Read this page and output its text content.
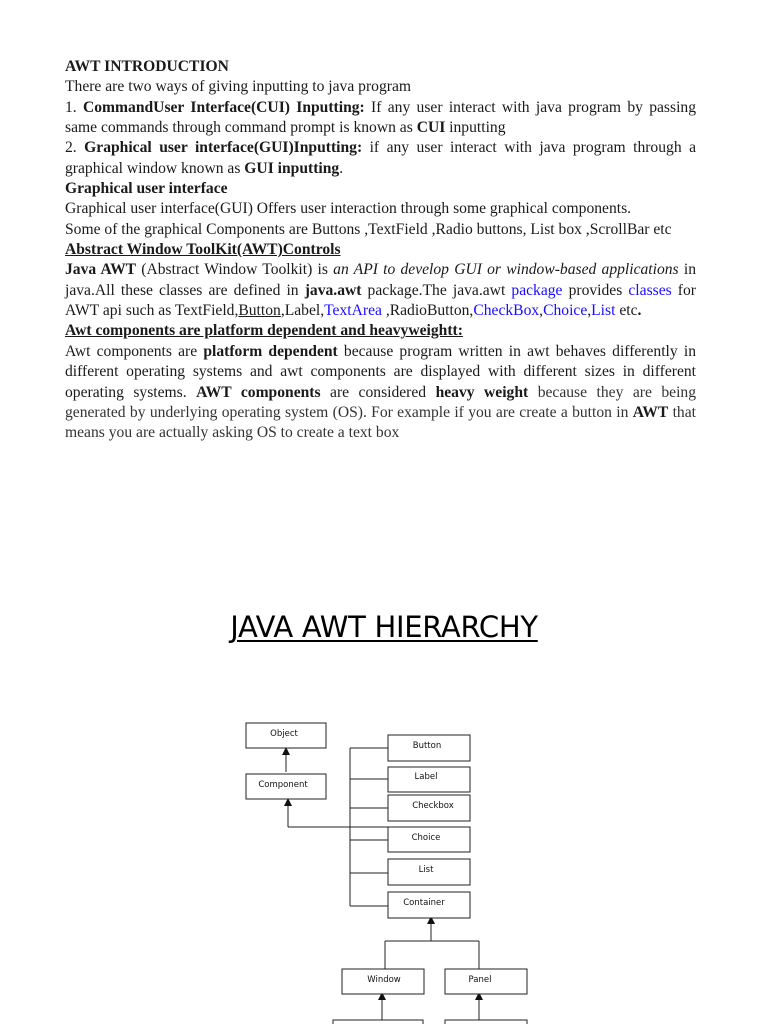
AWT INTRODUCTION

There are two ways of giving inputting to java program

1. CommandUser Interface(CUI) Inputting: If any user interact with java program by passing same commands through command prompt is known as CUI inputting

2. Graphical user interface(GUI)Inputting: if any user interact with java program through a graphical window known as GUI inputting.

Graphical user interface

Graphical user interface(GUI) Offers user interaction through some graphical components.

Some of the graphical Components are Buttons ,TextField ,Radio buttons, List box ,ScrollBar etc

Abstract Window ToolKit(AWT)Controls

Java AWT (Abstract Window Toolkit) is an API to develop GUI or window-based applications in java.All these classes are defined in java.awt package.The java.awt package provides classes for AWT api such as TextField,Button,Label,TextArea ,RadioButton,CheckBox,Choice,List etc.

Awt components are platform dependent and heavyweightt:

Awt components are platform dependent because program written in awt behaves differently in different operating systems and awt components are displayed with different sizes in different operating systems. AWT components are considered heavy weight because they are being generated by underlying operating system (OS). For example if you are create a button in AWT that means you are actually asking OS to create a text box

JAVA AWT HIERARCHY
Object
Component
Button
Label
Checkbox
Choice
List
Container
Window	Panel
